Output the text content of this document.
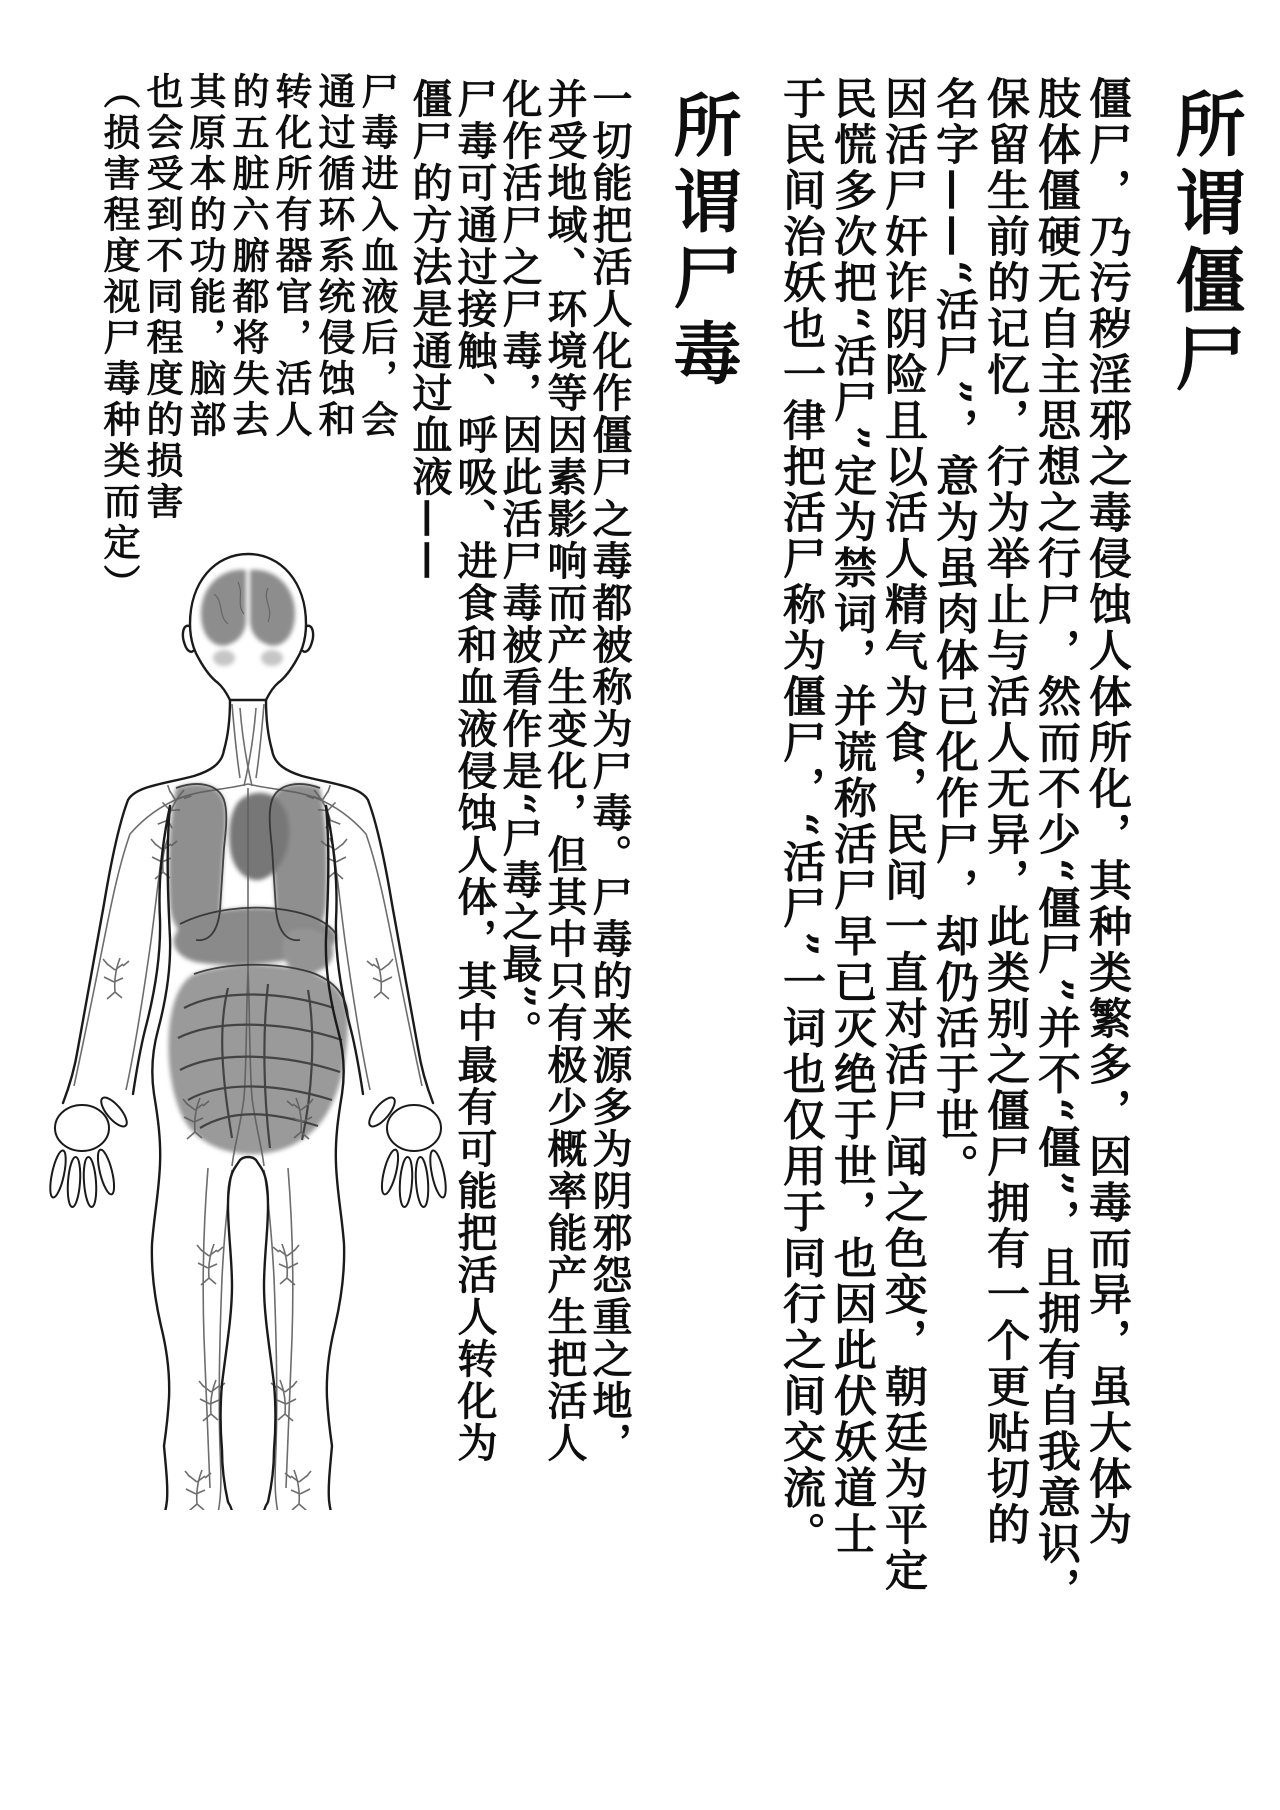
所谓僵尸

僵尸，乃污秽淫邪之毒侵蚀人体所化，其种类繁多，因毒而异，虽大体为

肢体僵硬无自主思想之行尸，然而不少“僵尸”并不“僵”，且拥有自我意识，

保留生前的记忆，行为举止与活人无异，此类别之僵尸拥有一个更贴切的

名字——“活尸”，意为虽肉体已化作尸，却仍活于世。

因活尸奸诈阴险且以活人精气为食，民间一直对活尸闻之色变，朝廷为平定

民慌多次把“活尸”定为禁词，并谎称活尸早已灭绝于世，也因此伏妖道士

于民间治妖也一律把活尸称为僵尸，“活尸”一词也仅用于同行之间交流。

所谓尸毒

一切能把活人化作僵尸之毒都被称为尸毒。尸毒的来源多为阴邪怨重之地，

并受地域、环境等因素影响而产生变化，但其中只有极少概率能产生把活人

化作活尸之尸毒，因此活尸毒被看作是“尸毒之最”。

尸毒可通过接触、呼吸、进食和血液侵蚀人体，其中最有可能把活人转化为

僵尸的方法是通过血液——

尸毒进入血液后，会

通过循环系统侵蚀和

转化所有器官，活人

的五脏六腑都将失去

其原本的功能，脑部

也会受到不同程度的损害

（损害程度视尸毒种类而定）
